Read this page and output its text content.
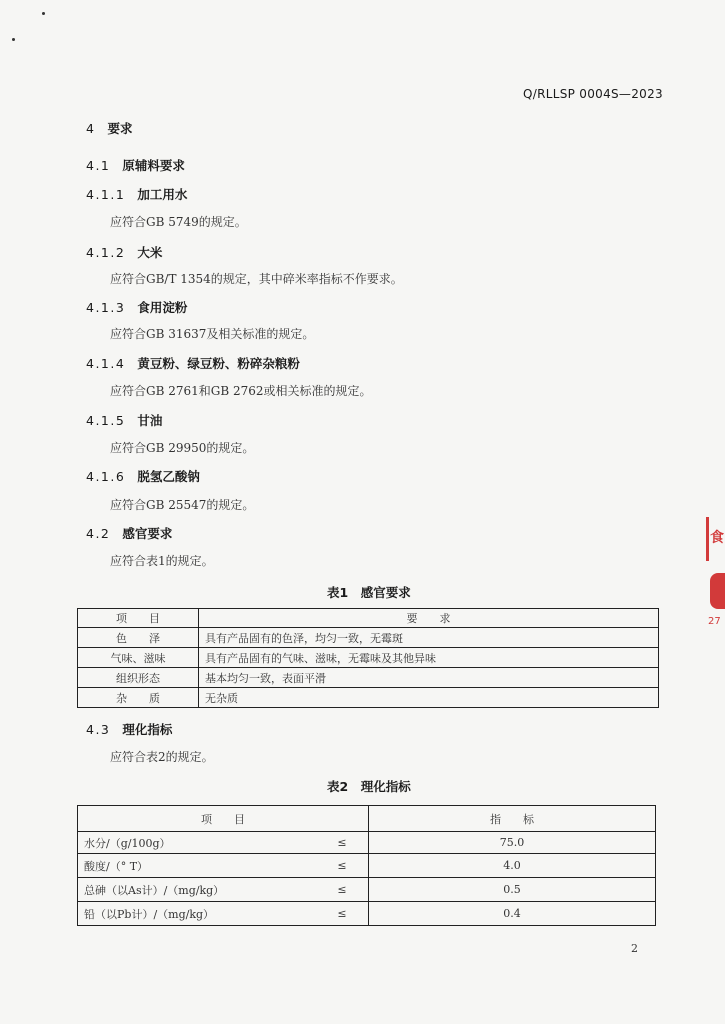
Q/RLLSP 0004S—2023
4 要求
4.1 原辅料要求
4.1.1 加工用水
应符合GB 5749的规定。
4.1.2 大米
应符合GB/T 1354的规定，其中碎米率指标不作要求。
4.1.3 食用淀粉
应符合GB 31637及相关标准的规定。
4.1.4 黄豆粉、绿豆粉、粉碎杂粮粉
应符合GB 2761和GB 2762或相关标准的规定。
4.1.5 甘油
应符合GB 29950的规定。
4.1.6 脱氢乙酸钠
应符合GB 25547的规定。
4.2 感官要求
应符合表1的规定。
表1　感官要求
项　　目	要　　求
色　　泽	具有产品固有的色泽，均匀一致，无霉斑
气味、滋味	具有产品固有的气味、滋味，无霉味及其他异味
组织形态	基本均匀一致，表面平滑
杂　　质	无杂质
4.3 理化指标
应符合表2的规定。
表2　理化指标
项　　目		指　　标
水分/（g/100g）	≤	75.0
酸度/（° T）	≤	4.0
总砷（以As计）/（mg/kg）	≤	0.5
铅（以Pb计）/（mg/kg）	≤	0.4
2
食
27
